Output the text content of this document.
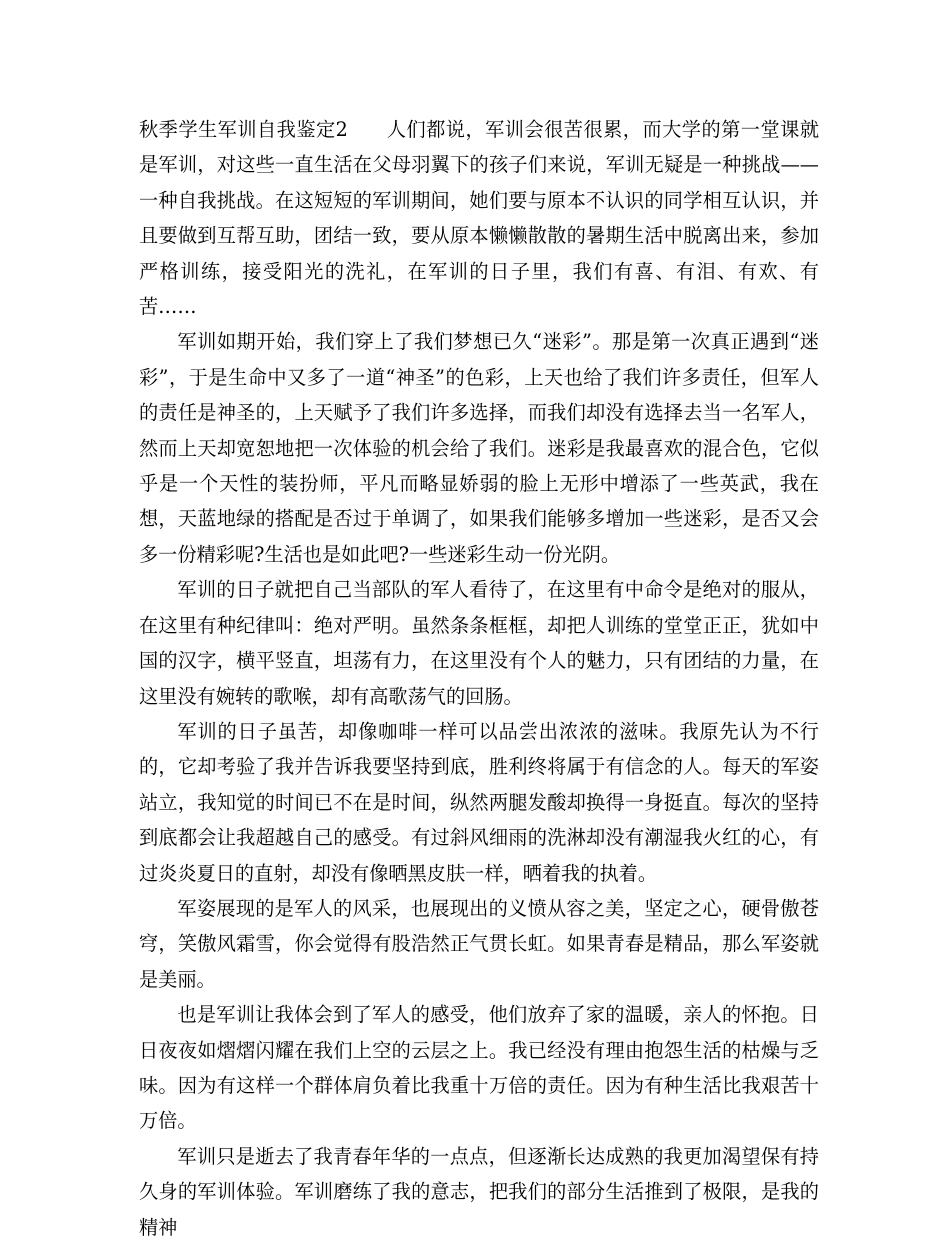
秋季学生军训自我鉴定2 人们都说，军训会很苦很累，而大学的第一堂课就是军训，对这些一直生活在父母羽翼下的孩子们来说，军训无疑是一种挑战——一种自我挑战。在这短短的军训期间，她们要与原本不认识的同学相互认识，并且要做到互帮互助，团结一致，要从原本懒懒散散的暑期生活中脱离出来，参加严格训练，接受阳光的洗礼，在军训的日子里，我们有喜、有泪、有欢、有苦……

军训如期开始，我们穿上了我们梦想已久“迷彩”。那是第一次真正遇到“迷彩”，于是生命中又多了一道“神圣”的色彩，上天也给了我们许多责任，但军人的责任是神圣的，上天赋予了我们许多选择，而我们却没有选择去当一名军人，然而上天却宽恕地把一次体验的机会给了我们。迷彩是我最喜欢的混合色，它似乎是一个天性的装扮师，平凡而略显娇弱的脸上无形中增添了一些英武，我在想，天蓝地绿的搭配是否过于单调了，如果我们能够多增加一些迷彩，是否又会多一份精彩呢?生活也是如此吧?一些迷彩生动一份光阴。

军训的日子就把自己当部队的军人看待了，在这里有中命令是绝对的服从，在这里有种纪律叫：绝对严明。虽然条条框框，却把人训练的堂堂正正，犹如中国的汉字，横平竖直，坦荡有力，在这里没有个人的魅力，只有团结的力量，在这里没有婉转的歌喉，却有高歌荡气的回肠。

军训的日子虽苦，却像咖啡一样可以品尝出浓浓的滋味。我原先认为不行的，它却考验了我并告诉我要坚持到底，胜利终将属于有信念的人。每天的军姿站立，我知觉的时间已不在是时间，纵然两腿发酸却换得一身挺直。每次的坚持到底都会让我超越自己的感受。有过斜风细雨的洗淋却没有潮湿我火红的心，有过炎炎夏日的直射，却没有像晒黑皮肤一样，晒着我的执着。

军姿展现的是军人的风采，也展现出的义愤从容之美，坚定之心，硬骨傲苍穹，笑傲风霜雪，你会觉得有股浩然正气贯长虹。如果青春是精品，那么军姿就是美丽。

也是军训让我体会到了军人的感受，他们放弃了家的温暖，亲人的怀抱。日日夜夜如熠熠闪耀在我们上空的云层之上。我已经没有理由抱怨生活的枯燥与乏味。因为有这样一个群体肩负着比我重十万倍的责任。因为有种生活比我艰苦十万倍。

军训只是逝去了我青春年华的一点点，但逐渐长达成熟的我更加渴望保有持久身的军训体验。军训磨练了我的意志，把我们的部分生活推到了极限，是我的精神
